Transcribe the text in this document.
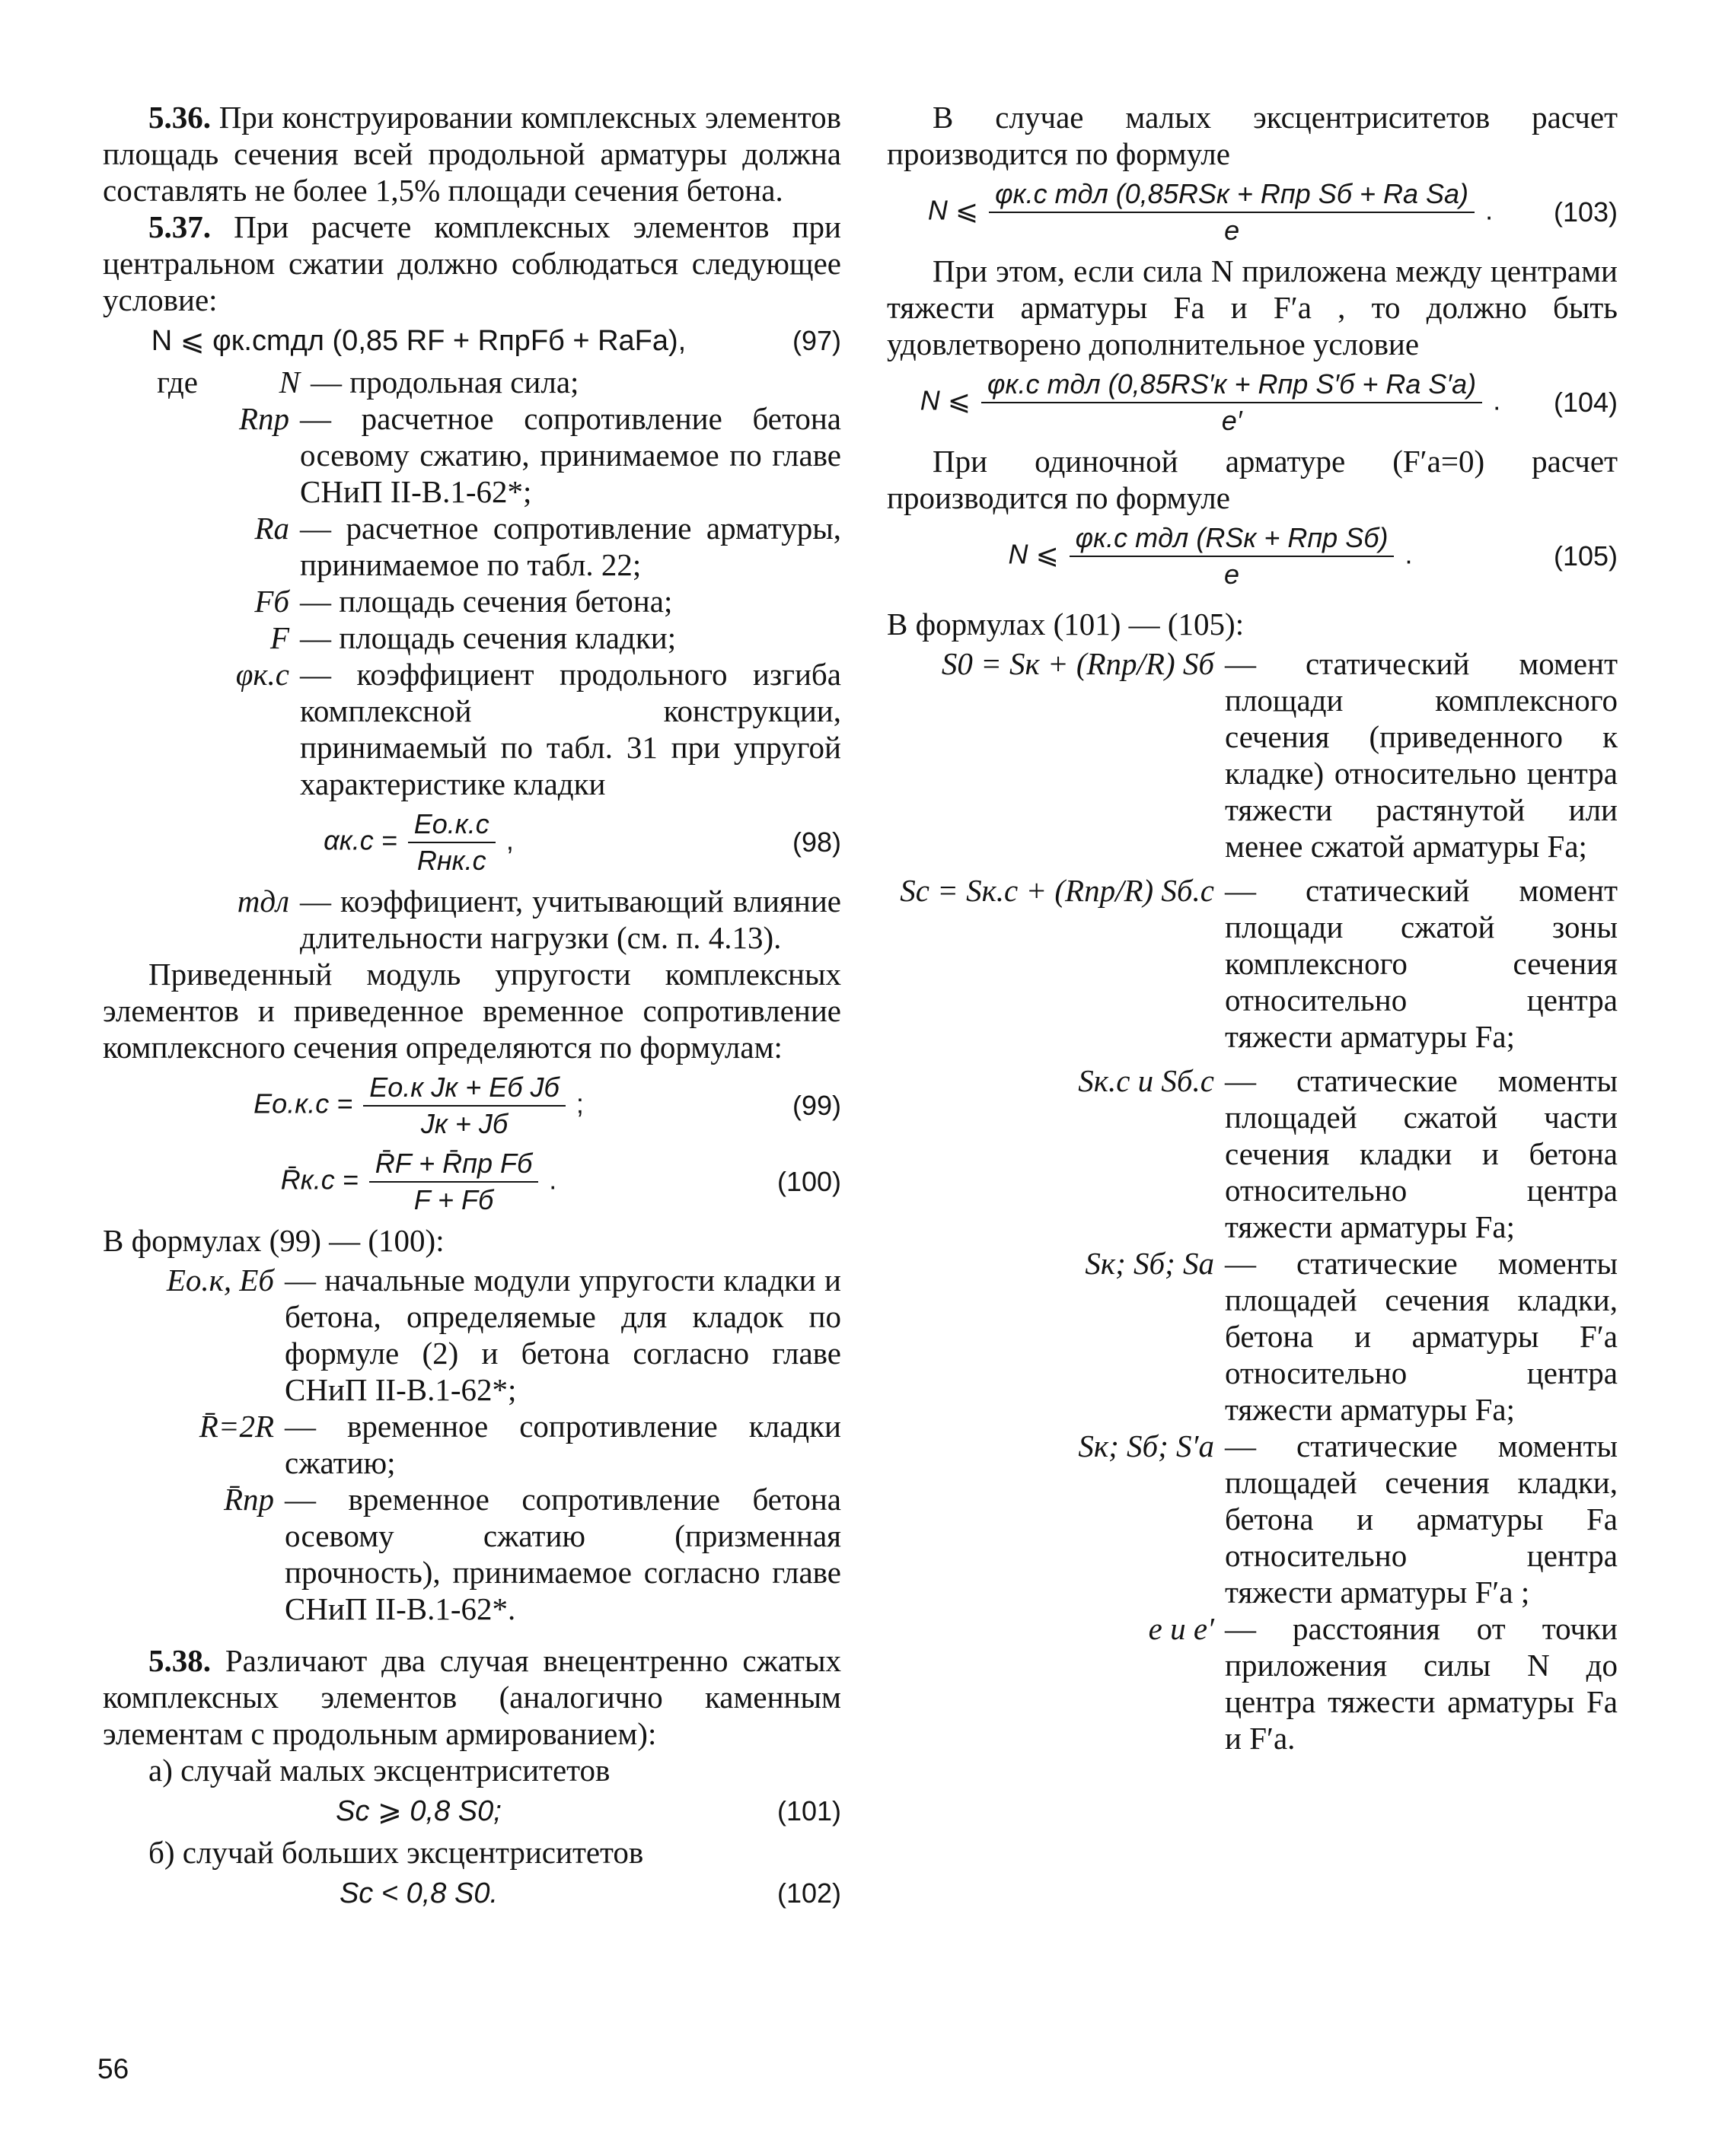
5.36. При конструировании комплексных элементов площадь сечения всей продольной арматуры должна составлять не более 1,5% площади сечения бетона.

5.37. При расчете комплексных элементов при центральном сжатии должно соблюдаться следующее условие:

N ⩽ φк.сmдл (0,85 RF + RпрFб + RаFа),	(97)
где	N — продольная сила;
Rпр — расчетное сопротивление бетона осевому сжатию, принимаемое по главе СНиП II-В.1-62*;
Rа — расчетное сопротивление арматуры, принимаемое по табл. 22;
Fб — площадь сечения бетона;
F — площадь сечения кладки;
φк.с — коэффициент продольного изгиба комплексной конструкции, принимаемый по табл. 31 при упругой характеристике кладки
$\alpha к.с = \frac{Eо.к.с}{\text{Rнк.с}}$ ,	(98)
mдл — коэффициент, учитывающий влияние длительности нагрузки (см. п. 4.13).

Приведенный модуль упругости комплексных элементов и приведенное временное сопротивление комплексного сечения определяются по формулам:

$Eо.к.с = \frac{\text{Eо.к Jк + Eб Jб}}{Jк + Jб}$ ;	(99)
R̄к.с = $\frac{\text{R̄F + R̄пр Fб}}{F + Fб}$ .	(100)

В формулах (99) — (100):

Eо.к, Eб — начальные модули упругости кладки и бетона, определяемые для кладок по формуле (2) и бетона согласно главе СНиП II-В.1-62*;
R̄=2R — временное сопротивление кладки сжатию;
R̄пр — временное сопротивление бетона осевому сжатию (призменная прочность), принимаемое согласно главе СНиП II-В.1-62*.

5.38. Различают два случая внецентренно сжатых комплексных элементов (аналогично каменным элементам с продольным армированием):

а) случай малых эксцентриситетов

Sс ⩾ 0,8 S0;	(101)

б) случай больших эксцентриситетов

Sс < 0,8 S0.	(102)

В случае малых эксцентриситетов расчет производится по формуле

N ⩽ $\frac{\text{φк.с mдл (0,85RSк + Rпр Sб + Rа Sа)}}{e}$ .	(103)

При этом, если сила N приложена между центрами тяжести арматуры Fа и F′а , то должно быть удовлетворено дополнительное условие

N ⩽ $\frac{\text{φк.с mдл (0,85RS′к + Rпр S′б + Rа S′а)}}{e'}$ .	(104)

При одиночной арматуре (F′а=0) расчет производится по формуле

N ⩽ $\frac{\text{φк.с mдл (RSк + Rпр Sб)}}{e}$ .	(105)

В формулах (101) — (105):

S0 = Sк + (Rпр/R) Sб — статический момент площади комплексного сечения (приведенного к кладке) относительно центра тяжести растянутой или менее сжатой арматуры Fа;
Sс = Sк.с + (Rпр/R) Sб.с — статический момент площади сжатой зоны комплексного сечения относительно центра тяжести арматуры Fа;
Sк.с и Sб.с — статические моменты площадей сжатой части сечения кладки и бетона относительно центра тяжести арматуры Fа;
Sк; Sб; Sа — статические моменты площадей сечения кладки, бетона и арматуры F′а относительно центра тяжести арматуры Fа;
Sк; Sб; S′а — статические моменты площадей сечения кладки, бетона и арматуры Fа относительно центра тяжести арматуры F′а ;
e и e′ — расстояния от точки приложения силы N до центра тяжести арматуры Fа и F′а.
56
